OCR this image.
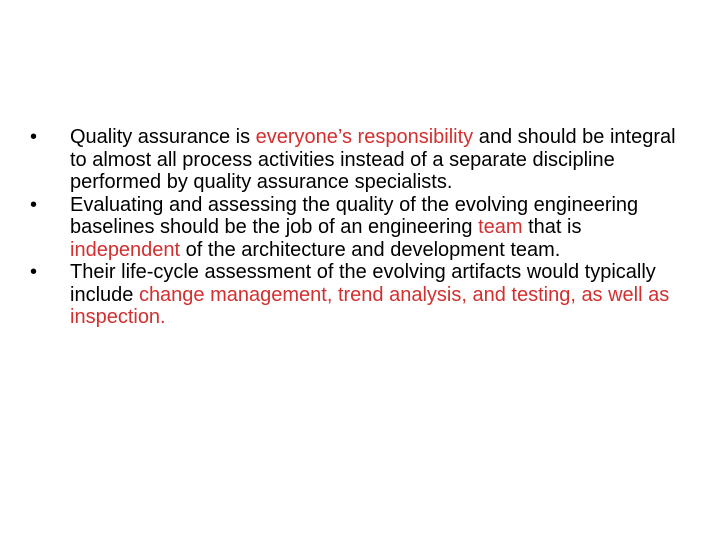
•	Quality assurance is everyone’s responsibility and should be integral to almost all process activities instead of a separate discipline performed by quality assurance specialists.
•	Evaluating and assessing the quality of the evolving engineering baselines should be the job of an engineering team that is independent of the architecture and development team.
•	Their life-cycle assessment of the evolving artifacts would typically include change management, trend analysis, and testing, as well as inspection.
